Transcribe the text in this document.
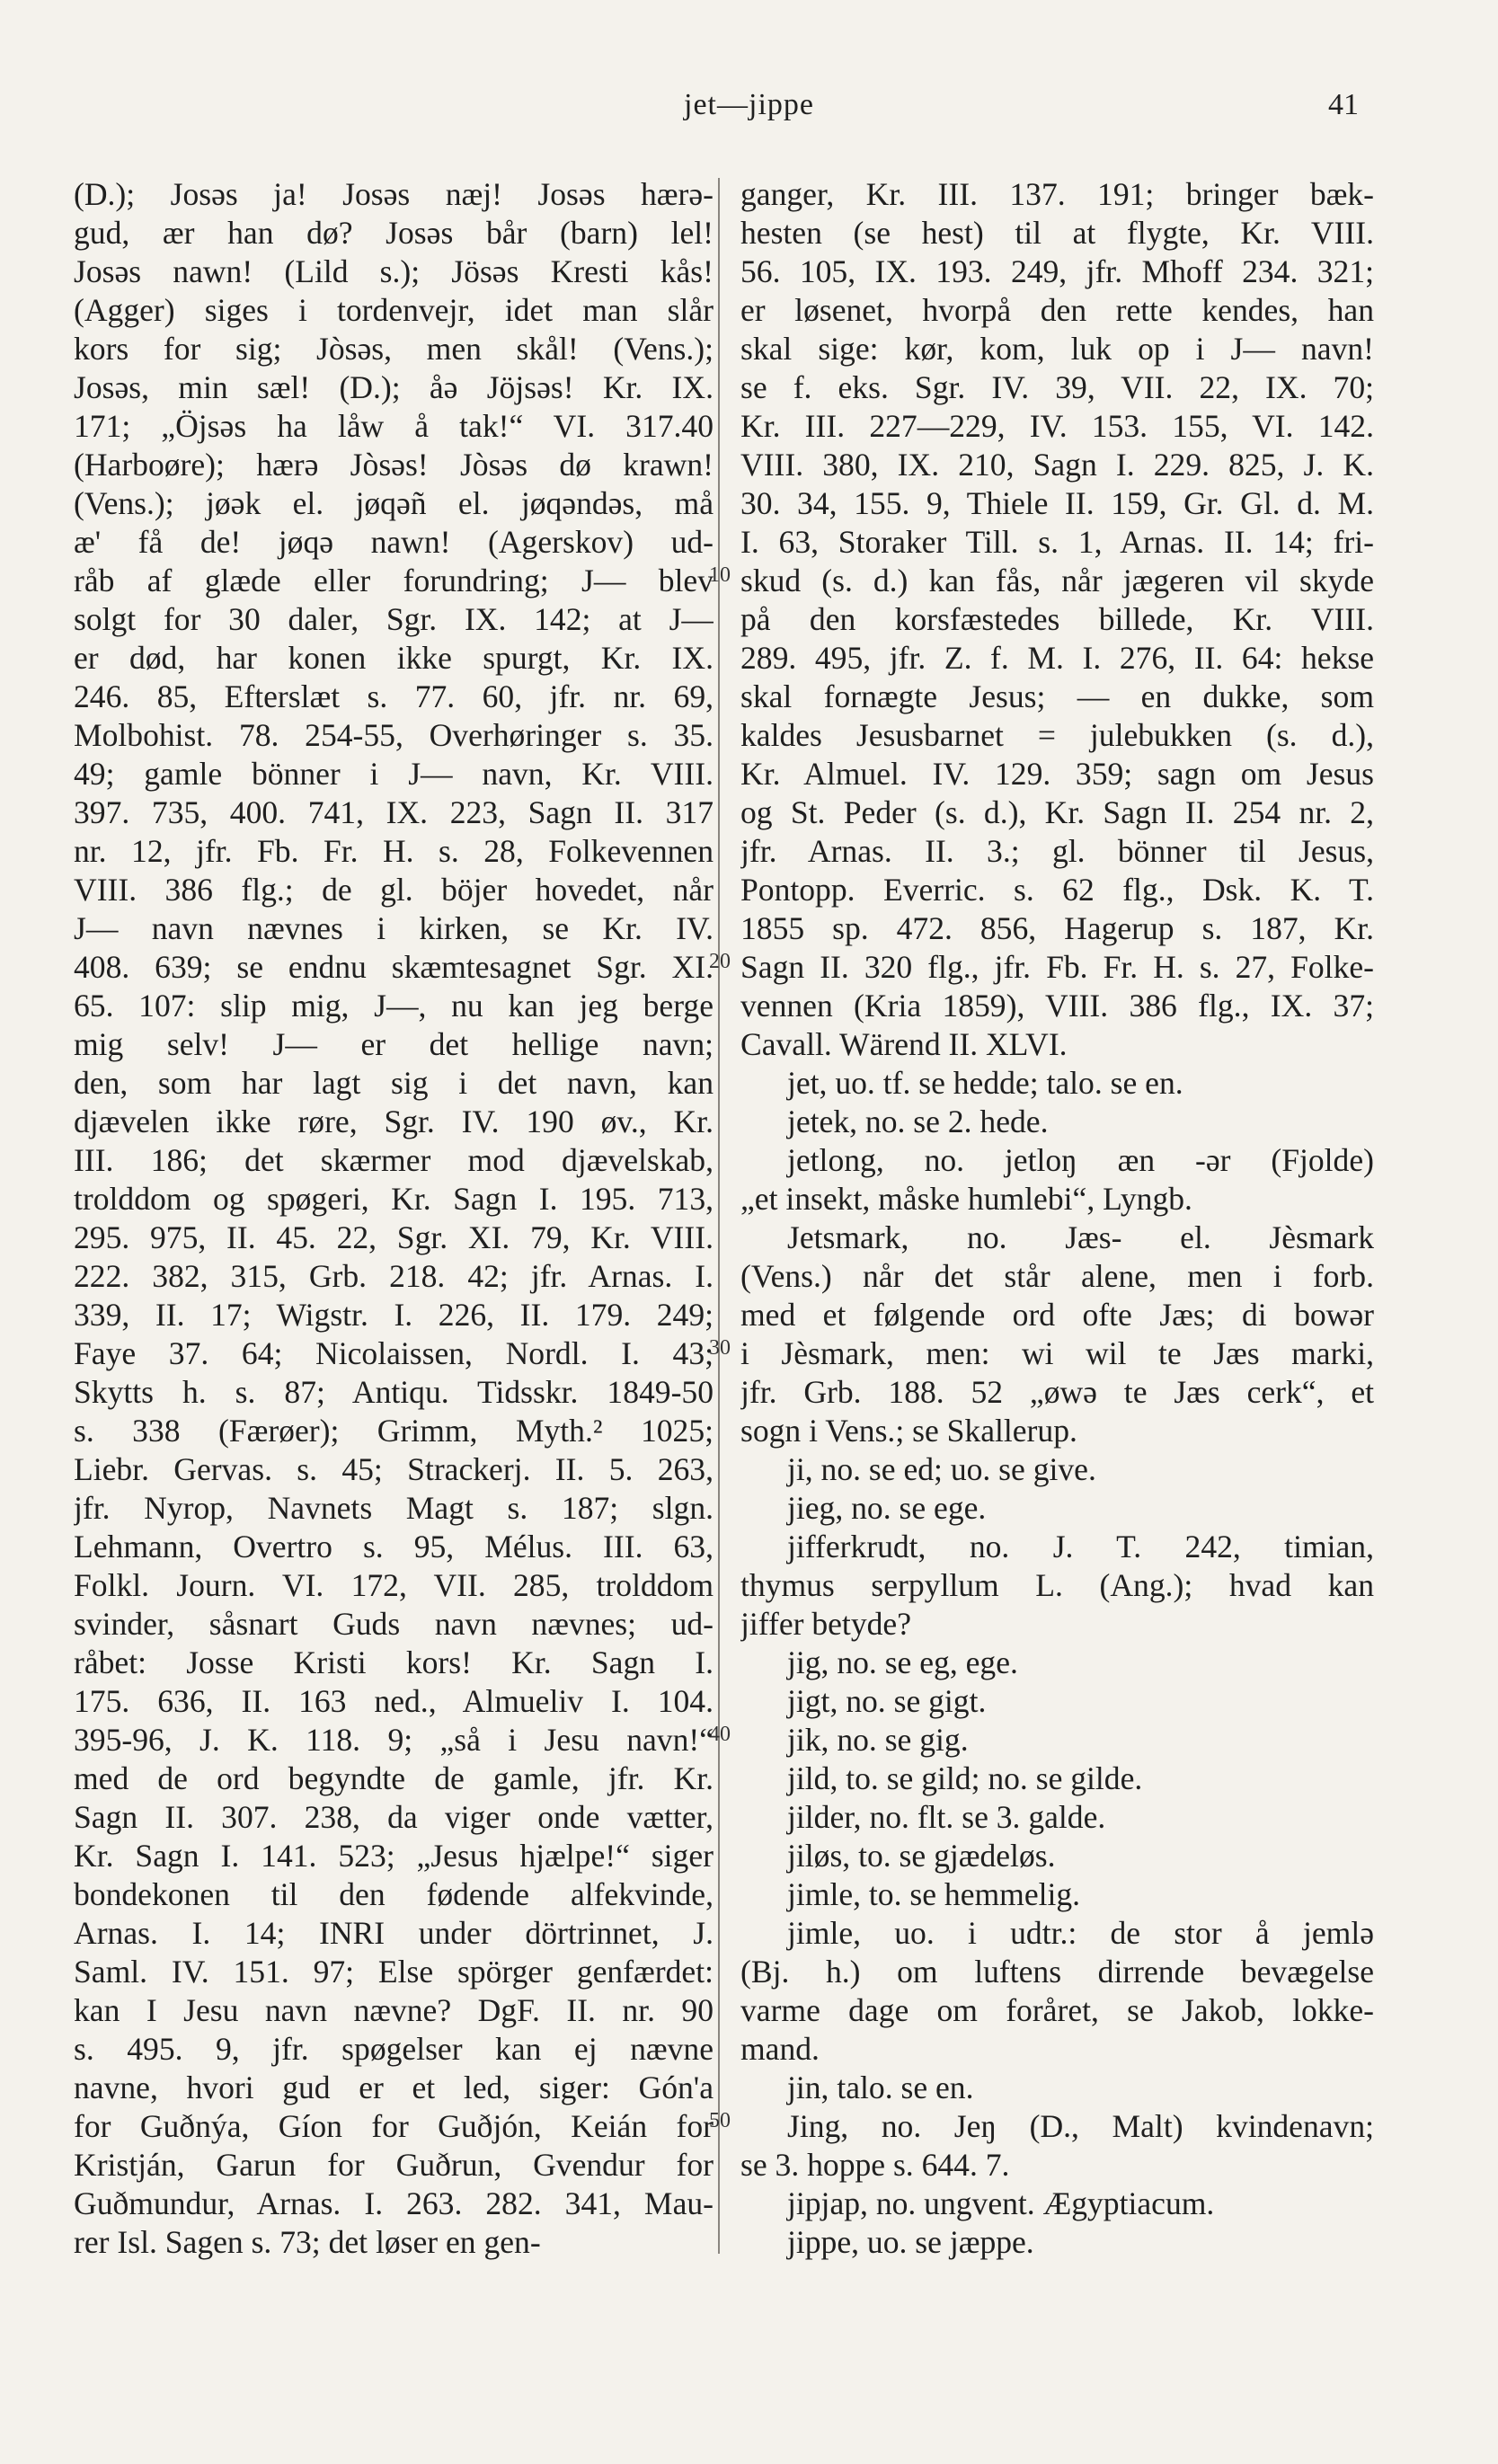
jet—jippe	41
10
20
30
40
50
(D.); Josəs ja! Josəs næj! Josəs hærə-
gud, ær han dø? Josəs bår (barn) lel!
Josəs nawn! (Lild s.); Jösəs Kresti kås!
(Agger) siges i tordenvejr, idet man slår
kors for sig; Jòsəs, men skål! (Vens.);
Josəs, min sæl! (D.); åə Jöjsəs! Kr. IX.
171; „Öjsəs ha låw å tak!“ VI. 317.40
(Harboøre); hærə Jòsəs! Jòsəs dø krawn!
(Vens.); jøək el. jøqəñ el. jøqəndəs, må
æ' få de! jøqə nawn! (Agerskov) ud-
råb af glæde eller forundring; J— blev
solgt for 30 daler, Sgr. IX. 142; at J—
er død, har konen ikke spurgt, Kr. IX.
246. 85, Efterslæt s. 77. 60, jfr. nr. 69,
Molbohist. 78. 254-55, Overhøringer s. 35.
49; gamle bönner i J— navn, Kr. VIII.
397. 735, 400. 741, IX. 223, Sagn II. 317
nr. 12, jfr. Fb. Fr. H. s. 28, Folkevennen
VIII. 386 flg.; de gl. böjer hovedet, når
J— navn nævnes i kirken, se Kr. IV.
408. 639; se endnu skæmtesagnet Sgr. XI.
65. 107: slip mig, J—, nu kan jeg berge
mig selv! J— er det hellige navn;
den, som har lagt sig i det navn, kan
djævelen ikke røre, Sgr. IV. 190 øv., Kr.
III. 186; det skærmer mod djævelskab,
trolddom og spøgeri, Kr. Sagn I. 195. 713,
295. 975, II. 45. 22, Sgr. XI. 79, Kr. VIII.
222. 382, 315, Grb. 218. 42; jfr. Arnas. I.
339, II. 17; Wigstr. I. 226, II. 179. 249;
Faye 37. 64; Nicolaissen, Nordl. I. 43;
Skytts h. s. 87; Antiqu. Tidsskr. 1849-50
s. 338 (Færøer); Grimm, Myth.² 1025;
Liebr. Gervas. s. 45; Strackerj. II. 5. 263,
jfr. Nyrop, Navnets Magt s. 187; slgn.
Lehmann, Overtro s. 95, Mélus. III. 63,
Folkl. Journ. VI. 172, VII. 285, trolddom
svinder, såsnart Guds navn nævnes; ud-
råbet: Josse Kristi kors! Kr. Sagn I.
175. 636, II. 163 ned., Almueliv I. 104.
395-96, J. K. 118. 9; „så i Jesu navn!“
med de ord begyndte de gamle, jfr. Kr.
Sagn II. 307. 238, da viger onde vætter,
Kr. Sagn I. 141. 523; „Jesus hjælpe!“ siger
bondekonen til den fødende alfekvinde,
Arnas. I. 14; INRI under dörtrinnet, J.
Saml. IV. 151. 97; Else spörger genfærdet:
kan I Jesu navn nævne? DgF. II. nr. 90
s. 495. 9, jfr. spøgelser kan ej nævne
navne, hvori gud er et led, siger: Gón'a
for Guðnýa, Gíon for Guðjón, Keián for
Kristján, Garun for Guðrun, Gvendur for
Guðmundur, Arnas. I. 263. 282. 341, Mau-
rer Isl. Sagen s. 73; det løser en gen-
ganger, Kr. III. 137. 191; bringer bæk-
hesten (se hest) til at flygte, Kr. VIII.
56. 105, IX. 193. 249, jfr. Mhoff 234. 321;
er løsenet, hvorpå den rette kendes, han
skal sige: kør, kom, luk op i J— navn!
se f. eks. Sgr. IV. 39, VII. 22, IX. 70;
Kr. III. 227—229, IV. 153. 155, VI. 142.
VIII. 380, IX. 210, Sagn I. 229. 825, J. K.
30. 34, 155. 9, Thiele II. 159, Gr. Gl. d. M.
I. 63, Storaker Till. s. 1, Arnas. II. 14; fri-
skud (s. d.) kan fås, når jægeren vil skyde
på den korsfæstedes billede, Kr. VIII.
289. 495, jfr. Z. f. M. I. 276, II. 64: hekse
skal fornægte Jesus; — en dukke, som
kaldes Jesusbarnet = julebukken (s. d.),
Kr. Almuel. IV. 129. 359; sagn om Jesus
og St. Peder (s. d.), Kr. Sagn II. 254 nr. 2,
jfr. Arnas. II. 3.; gl. bönner til Jesus,
Pontopp. Everric. s. 62 flg., Dsk. K. T.
1855 sp. 472. 856, Hagerup s. 187, Kr.
Sagn II. 320 flg., jfr. Fb. Fr. H. s. 27, Folke-
vennen (Kria 1859), VIII. 386 flg., IX. 37;
Cavall. Wärend II. XLVI.
jet, uo. tf. se hedde; talo. se en.
jetek, no. se 2. hede.
jetlong, no. jetloŋ æn -ər (Fjolde)
„et insekt, måske humlebi“, Lyngb.
Jetsmark, no. Jæs- el. Jèsmark
(Vens.) når det står alene, men i forb.
med et følgende ord ofte Jæs; di bowər
i Jèsmark, men: wi wil te Jæs marki,
jfr. Grb. 188. 52 „øwə te Jæs cerk“, et
sogn i Vens.; se Skallerup.
ji, no. se ed; uo. se give.
jieg, no. se ege.
jifferkrudt, no. J. T. 242, timian,
thymus serpyllum L. (Ang.); hvad kan
jiffer betyde?
jig, no. se eg, ege.
jigt, no. se gigt.
jik, no. se gig.
jild, to. se gild; no. se gilde.
jilder, no. flt. se 3. galde.
jiløs, to. se gjædeløs.
jimle, to. se hemmelig.
jimle, uo. i udtr.: de stor å jemlə
(Bj. h.) om luftens dirrende bevægelse
varme dage om foråret, se Jakob, lokke-
mand.
jin, talo. se en.
Jing, no. Jeŋ (D., Malt) kvindenavn;
se 3. hoppe s. 644. 7.
jipjap, no. ungvent. Ægyptiacum.
jippe, uo. se jæppe.
